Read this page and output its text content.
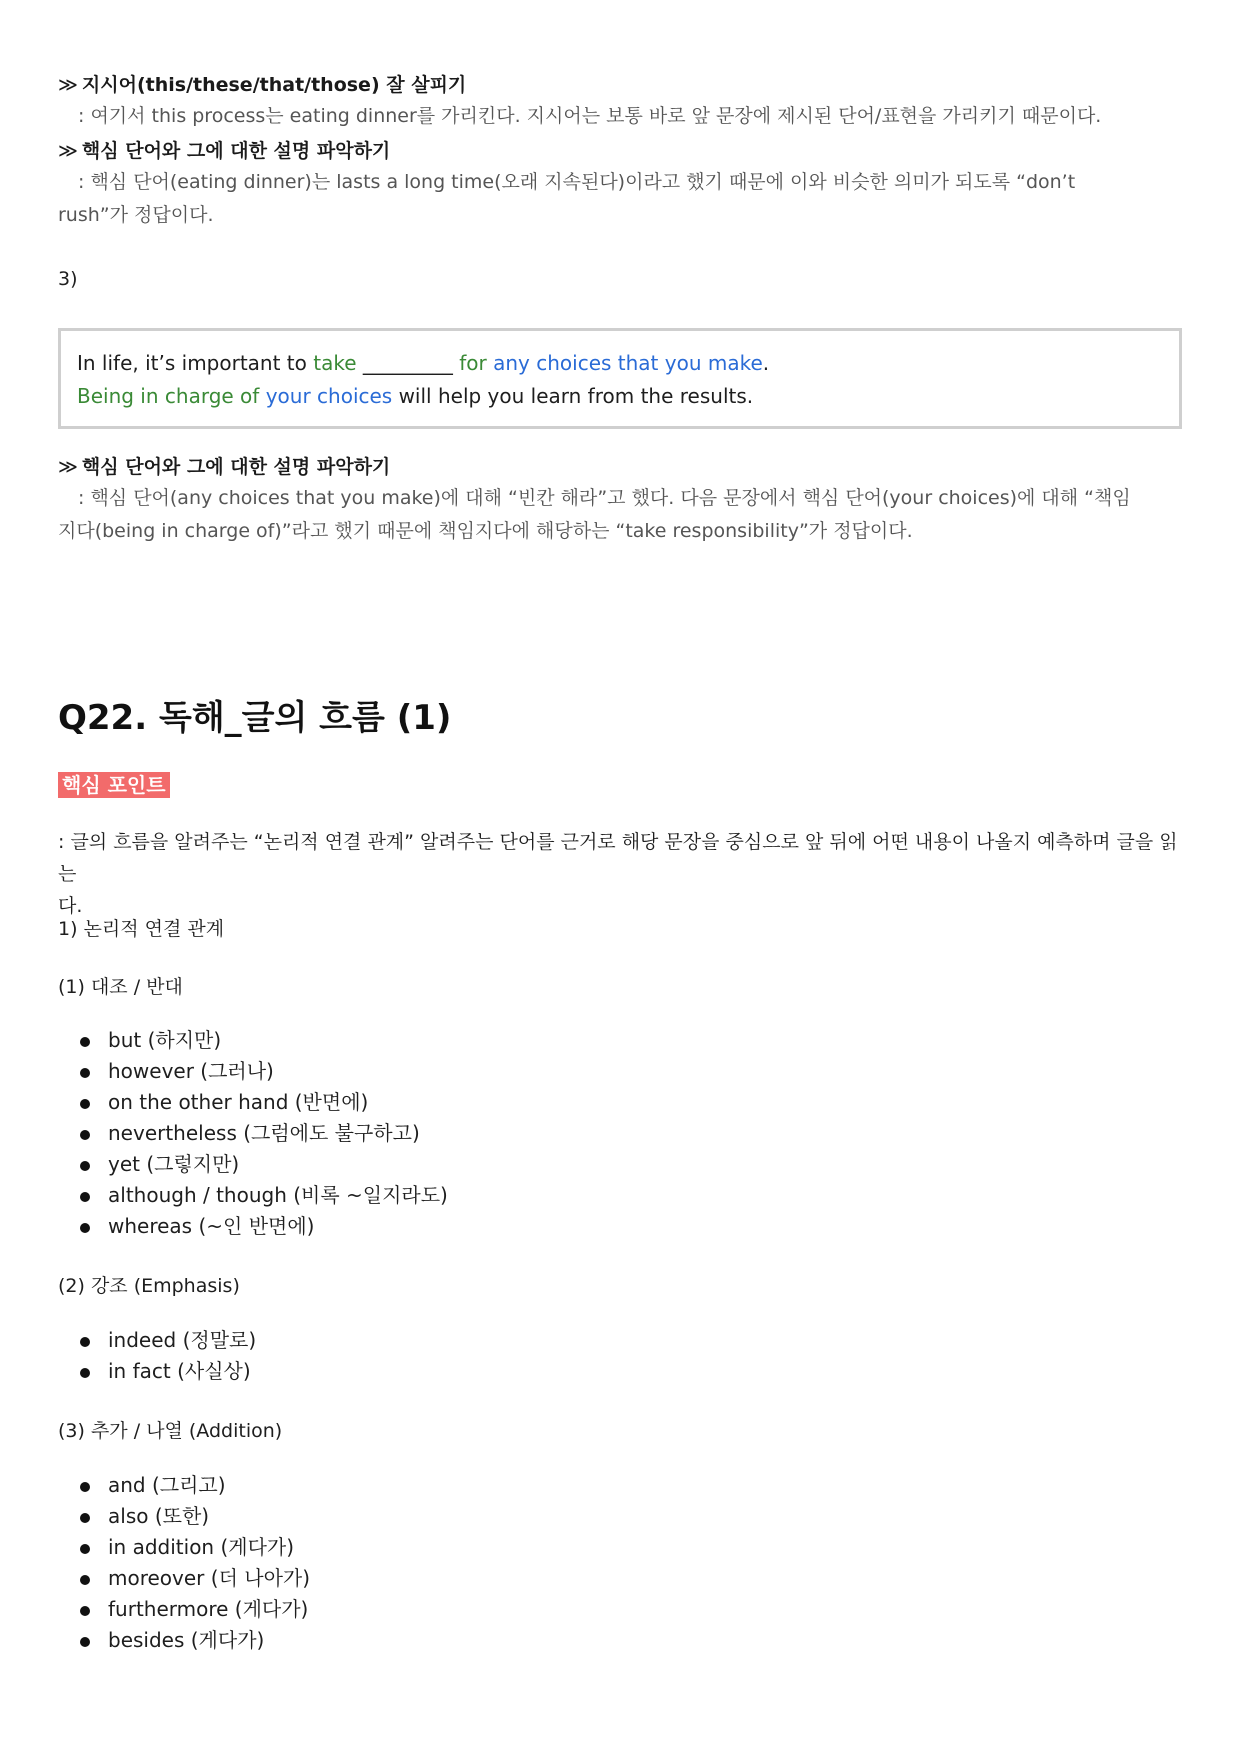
≫ 지시어(this/these/that/those) 잘 살피기
: 여기서 this process는 eating dinner를 가리킨다. 지시어는 보통 바로 앞 문장에 제시된 단어/표현을 가리키기 때문이다.
≫ 핵심 단어와 그에 대한 설명 파악하기
: 핵심 단어(eating dinner)는 lasts a long time(오래 지속된다)이라고 했기 때문에 이와 비슷한 의미가 되도록 “don’t
rush”가 정답이다.
3)
In life, it’s important to take _________ for any choices that you make.
Being in charge of your choices will help you learn from the results.
≫ 핵심 단어와 그에 대한 설명 파악하기
: 핵심 단어(any choices that you make)에 대해 “빈칸 해라”고 했다. 다음 문장에서 핵심 단어(your choices)에 대해 “책임
지다(being in charge of)”라고 했기 때문에 책임지다에 해당하는 “take responsibility”가 정답이다.
Q22. 독해_글의 흐름 (1)
핵심 포인트
: 글의 흐름을 알려주는 “논리적 연결 관계” 알려주는 단어를 근거로 해당 문장을 중심으로 앞 뒤에 어떤 내용이 나올지 예측하며 글을 읽는
다.
1) 논리적 연결 관계
(1) 대조 / 반대
but (하지만)
however (그러나)
on the other hand (반면에)
nevertheless (그럼에도 불구하고)
yet (그렇지만)
although / though (비록 ~일지라도)
whereas (~인 반면에)
(2) 강조 (Emphasis)
indeed (정말로)
in fact (사실상)
(3) 추가 / 나열 (Addition)
and (그리고)
also (또한)
in addition (게다가)
moreover (더 나아가)
furthermore (게다가)
besides (게다가)
